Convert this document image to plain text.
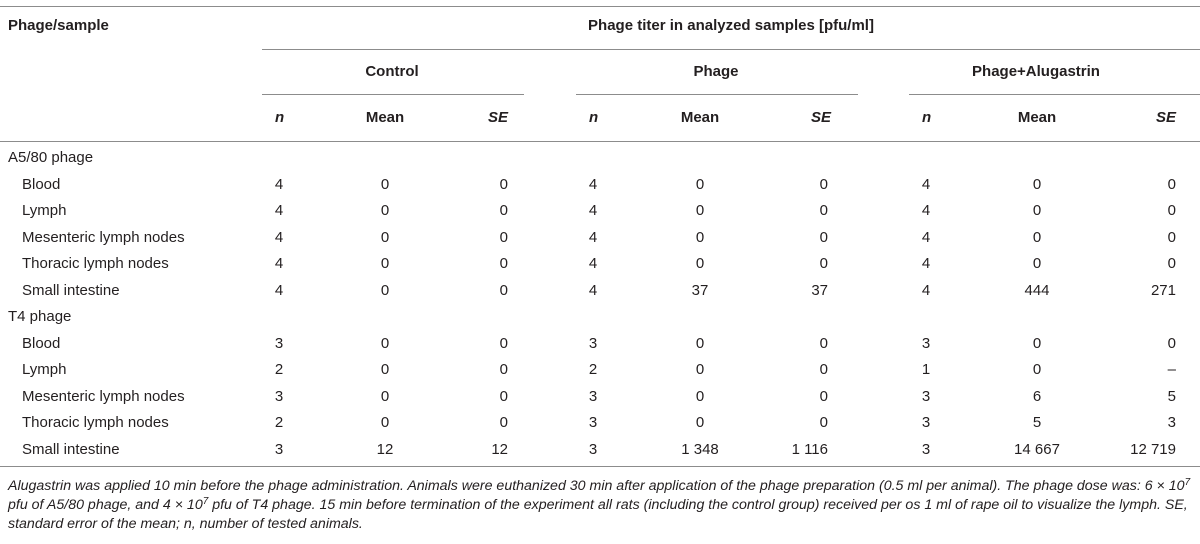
Phage/sample	Phage titer in analyzed samples [pfu/ml]
Control	Phage	Phage+Alugastrin
n	Mean	SE	n	Mean	SE	n	Mean	SE
A5/80 phage
Blood	4	0	0	4	0	0	4	0	0
Lymph	4	0	0	4	0	0	4	0	0
Mesenteric lymph nodes	4	0	0	4	0	0	4	0	0
Thoracic lymph nodes	4	0	0	4	0	0	4	0	0
Small intestine	4	0	0	4	37	37	4	444	271
T4 phage
Blood	3	0	0	3	0	0	3	0	0
Lymph	2	0	0	2	0	0	1	0	–
Mesenteric lymph nodes	3	0	0	3	0	0	3	6	5
Thoracic lymph nodes	2	0	0	3	0	0	3	5	3
Small intestine	3	12	12	3	1 348	1 116	3	14 667	12 719
Alugastrin was applied 10 min before the phage administration. Animals were euthanized 30 min after application of the phage preparation (0.5 ml per animal). The phage dose was: $6 \times 10^7$ pfu of A5/80 phage, and $4 \times 10^7$ pfu of T4 phage. 15 min before termination of the experiment all rats (including the control group) received per os 1 ml of rape oil to visualize the lymph. SE, standard error of the mean; n, number of tested animals.
